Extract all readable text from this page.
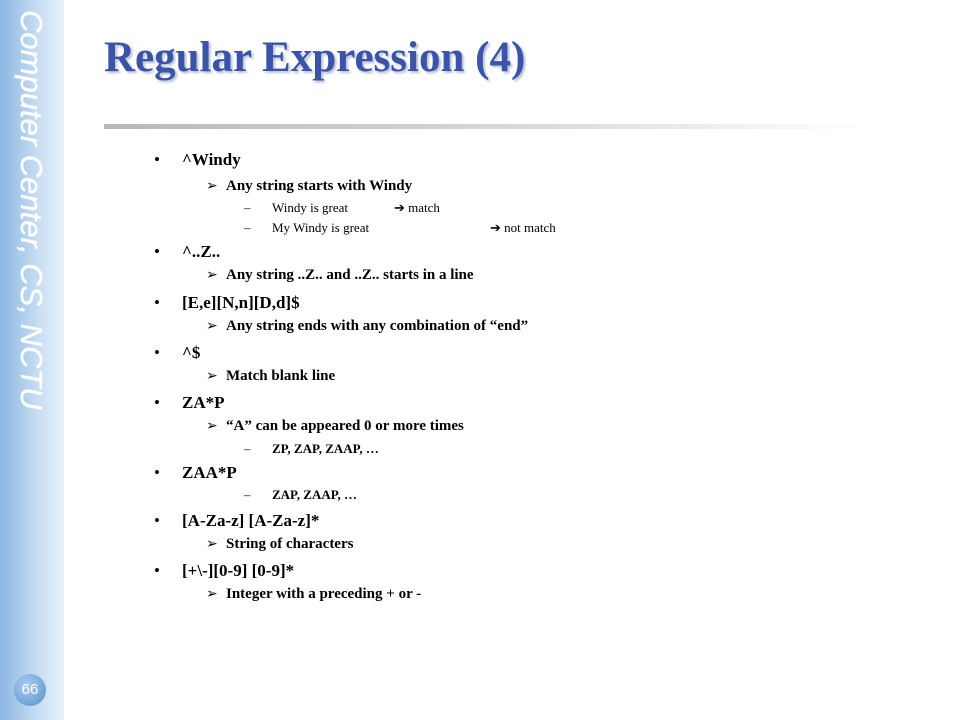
Computer Center, CS, NCTU
66
Regular Expression (4)
• ^Windy
➢ Any string starts with Windy
– Windy is great	➔ match
– My Windy is great	➔ not match
• ^..Z..
➢ Any string ..Z.. and ..Z.. starts in a line
• [E,e][N,n][D,d]$
➢ Any string ends with any combination of “end”
• ^$
➢ Match blank line
• ZA*P
➢ “A” can be appeared 0 or more times
– ZP, ZAP, ZAAP, …
• ZAA*P
– ZAP, ZAAP, …
• [A-Za-z] [A-Za-z]*
➢ String of characters
• [+\-][0-9] [0-9]*
➢ Integer with a preceding + or -
